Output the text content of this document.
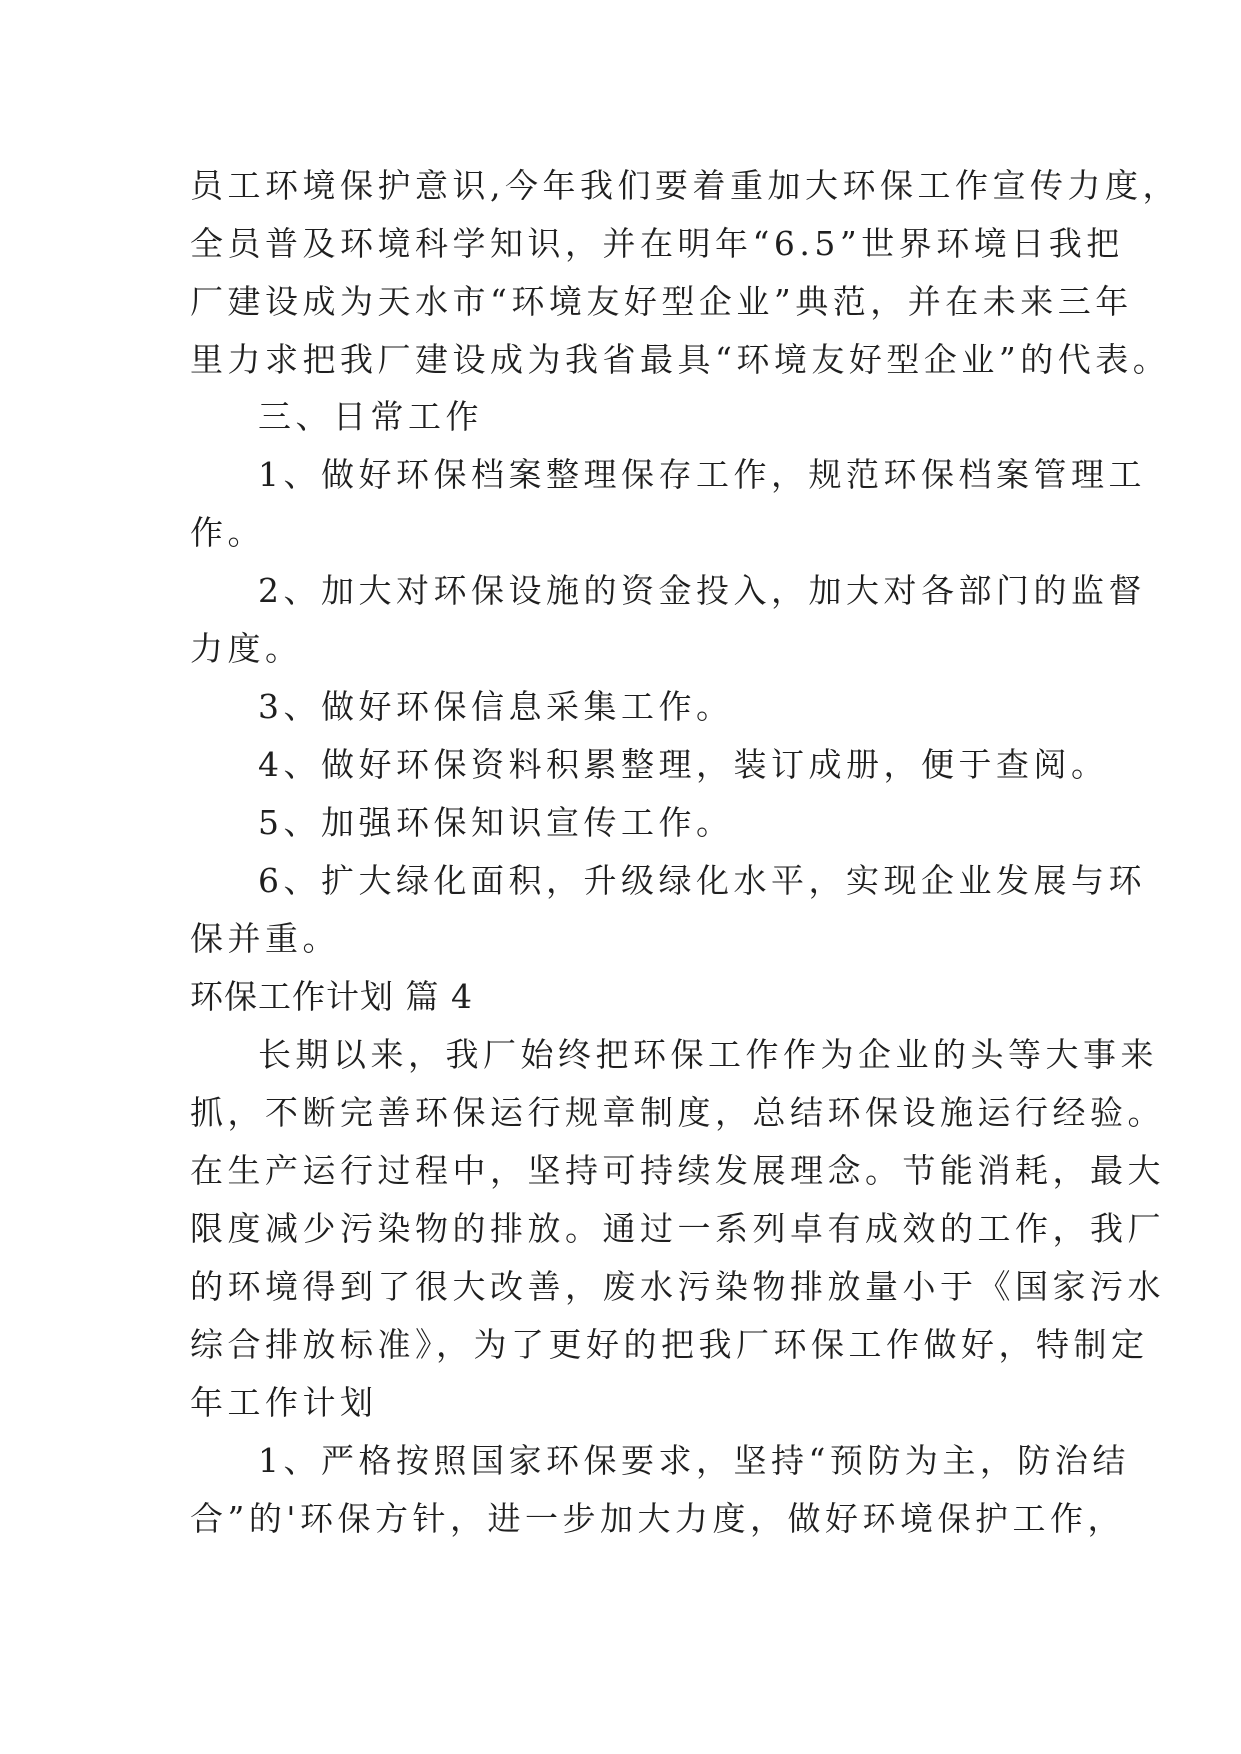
员工环境保护意识,今年我们要着重加大环保工作宣传力度，
全员普及环境科学知识，并在明年“6.5”世界环境日我把
厂建设成为天水市“环境友好型企业”典范，并在未来三年
里力求把我厂建设成为我省最具“环境友好型企业”的代表。
三、日常工作
1、做好环保档案整理保存工作，规范环保档案管理工
作。
2、加大对环保设施的资金投入，加大对各部门的监督
力度。
3、做好环保信息采集工作。
4、做好环保资料积累整理，装订成册，便于查阅。
5、加强环保知识宣传工作。
6、扩大绿化面积，升级绿化水平，实现企业发展与环
保并重。
环保工作计划 篇 4
长期以来，我厂始终把环保工作作为企业的头等大事来
抓，不断完善环保运行规章制度，总结环保设施运行经验。
在生产运行过程中，坚持可持续发展理念。节能消耗，最大
限度减少污染物的排放。通过一系列卓有成效的工作，我厂
的环境得到了很大改善，废水污染物排放量小于《国家污水
综合排放标准》，为了更好的把我厂环保工作做好，特制定
年工作计划
1、严格按照国家环保要求，坚持“预防为主，防治结
合”的'环保方针，进一步加大力度，做好环境保护工作，
